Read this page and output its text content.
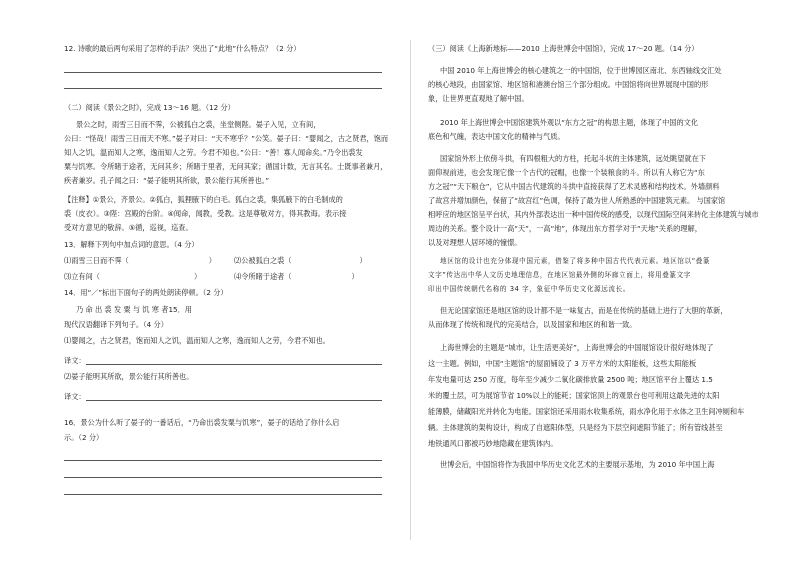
12. 诗歌的最后两句采用了怎样的手法？突出了“此地”什么特点？（2 分）
（二）阅读《景公之时》，完成 13～16 题。（12 分）
景公之时，雨雪三日而不霁，公被狐白之裘，坐堂侧陛。晏子入见，立有间，
公曰：“怪哉！雨雪三日而天不寒。”晏子对曰：“天不寒乎？”公笑。晏子曰：“婴闻之，古之贤君，饱而
知人之饥，温而知人之寒，逸而知人之劳。今君不知也。”公曰：“善！寡人闻命矣。”乃令出裘发
粟与饥寒。令所睹于途者，无问其乡；所睹于里者，无问其家；循国计数，无言其名。士既事者兼月，
疾者兼岁。孔子闻之曰：“晏子能明其所欲，景公能行其所善也。”
【注释】①景公，齐景公。②狐白，狐狸腋下的白毛。狐白之裘，集狐腋下的白毛制成的
裘（皮衣）。③陛：宫殿的台阶。④闻命，闻教，受教。这是尊敬对方，得其教诲。表示接
受对方意见的敬辞。⑤循，巡视，巡查。
13．解释下列句中加点词的意思。（4 分）
⑴雨雪三日而不霁（	）	⑵公被狐白之裘（	）
⑶立有间（	）	⑷令所睹于途者（	）
14．用“／”标出下面句子的两处朗读停顿。（2 分）
乃 命 出 裘 发 粟 与 饥 寒 者15．用
现代汉语翻译下列句子。（4 分）
⑴婴闻之，古之贤君，饱而知人之饥，温而知人之寒，逸而知人之劳，今君不知也。
译文：
⑵晏子能明其所欲，景公能行其所善也。
译文：
16．景公为什么听了晏子的一番话后，“乃命出裘发粟与饥寒”，晏子的话给了你什么启
示。（2 分）
（三）阅读《上海新地标——2010 上海世博会中国馆》，完成 17～20 题。（14 分）
中国 2010 年上海世博会的核心建筑之一的中国馆，位于世博园区南北、东西轴线交汇处
的核心地段，由国家馆、地区馆和港澳台馆三个部分组成。中国馆将向世界展现中国的形
象，让世界更直观地了解中国。
2010 年上海世博会中国馆建筑外观以“东方之冠”的构思主题，体现了中国的文化
底色和气魄，表达中国文化的精神与气质。
国家馆外形上依傍斗拱，有四根粗大的方柱，托起斗状的主体建筑，远处眺望就在下
面仰视前进，也会发现它像一个古代的冠帽，也像一个装粮食的斗。所以有人称它为“东
方之冠”“天下粮仓”，它从中国古代建筑的斗拱中直接获得了艺术灵感和结构技术。外墙颜料
了故宫并增加颜色，保留了“故宫红”色调，保持了最为世人所熟悉的中国建筑元素。 与国家馆
相呼应的地区馆呈平台状，其内外部表达出一种中国传统的感受，以现代国际空间来转化主体建筑与城市
周边的关系。整个设计一高“天”，一高“地”，体现出东方哲学对于“天地”关系的理解，
以及对理想人居环境的憧憬。
地区馆的设计也充分体现中国元素，借鉴了将多种中国古代代表元素。地区馆以“叠篆
文字”传达出中华人文历史地理信息，在地区馆最外侧的环廊立面上，将用叠篆文字
印出中国传统朝代名称的 34 字，象征中华历史文化源远流长。
但无论国家馆还是地区馆的设计都不是一味复古，而是在传统的基础上进行了大胆的革新，
从而体现了传统和现代的完美结合，以及国家和地区的和谐一致。
上海世博会的主题是“城市，让生活更美好”，上海世博会的中国展馆设计很好地体现了
这一主题。例如，中国“主题馆”的屋面铺设了 3 万平方米的太阳能板，这些太阳能板
年发电量可达 250 万度，每年至少减少二氧化碳排放量 2500 吨；地区馆平台上覆达 1.5
米的覆土层，可为展馆节省 10%以上的能耗；国家馆顶上的观景台也可利用这最先进的太阳
能薄膜，储藏阳光并转化为电能。国家馆还采用雨水收集系统，雨水净化用于水体之卫生间冲厕和车
辆。主体建筑的架构设计，构成了自遮阳体型，只是经为下层空间遮阳节能了；所有管线甚至
地铁通风口都被巧妙地隐藏在建筑体内。
世博会后，中国馆将作为我国中华历史文化艺术的主要展示基地，为 2010 年中国上海
